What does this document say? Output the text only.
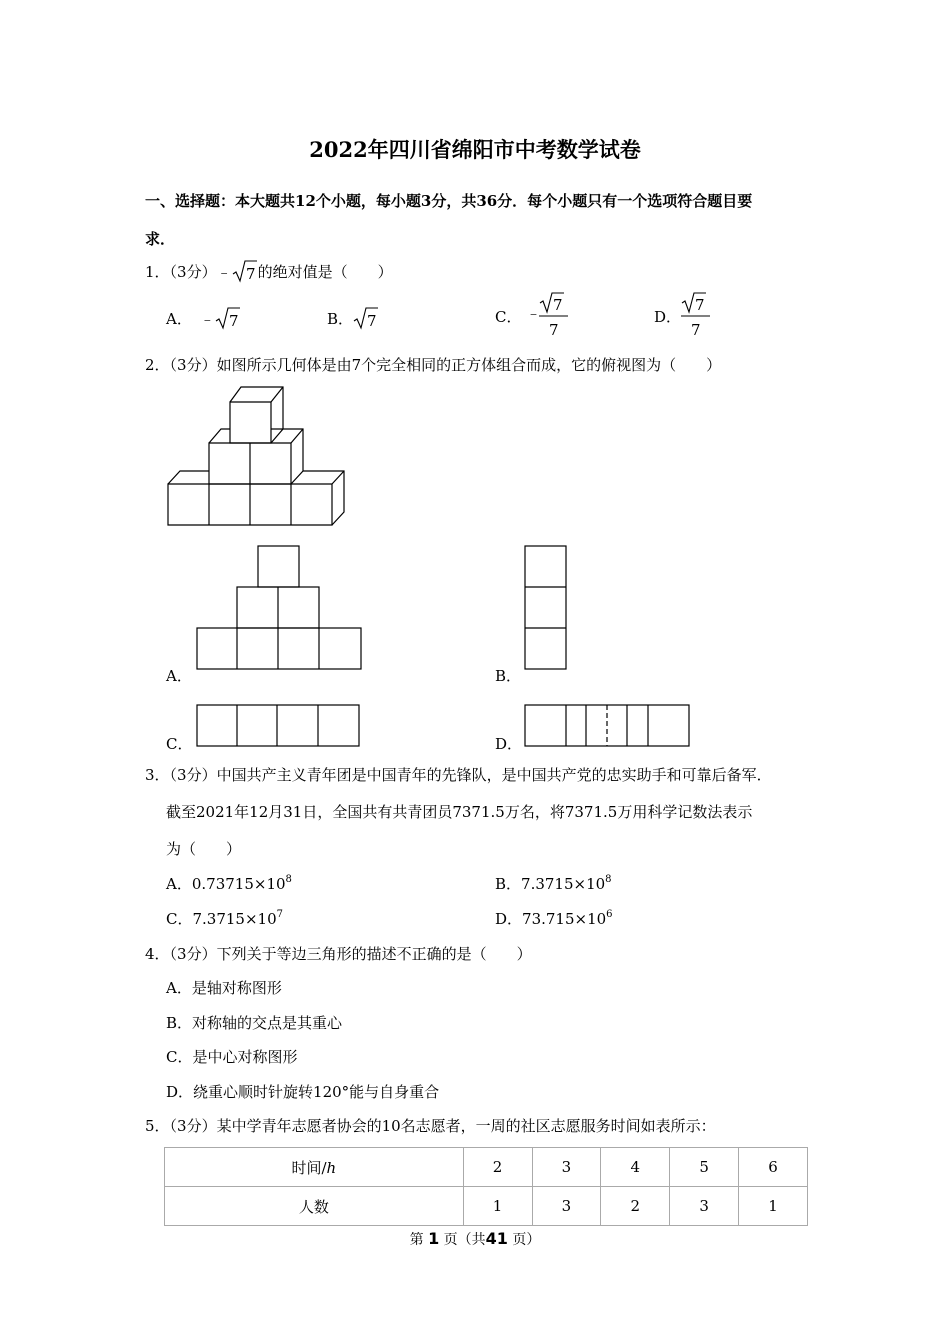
2022年四川省绵阳市中考数学试卷
一、选择题：本大题共12个小题，每小题3分，共36分．每个小题只有一个选项符合题目要
求．
1．（3分）﹣ 7 的绝对值是（　　）
A． ﹣ 7	B． 7	C． ﹣ 7
7
D．
7
7
2．（3分）如图所示几何体是由7个完全相同的正方体组合而成，它的俯视图为（　　）
A．	B．
C．	D．
3．（3分）中国共产主义青年团是中国青年的先锋队，是中国共产党的忠实助手和可靠后备军．
截至2021年12月31日，全国共有共青团员7371.5万名，将7371.5万用科学记数法表示
为（　　）
A．$0.73715\times 10^8$	B．$7.3715\times 10^8$
C．$7.3715\times 10^7$	D．$73.715\times 10^6$
4．（3分）下列关于等边三角形的描述不正确的是（　　）
A．是轴对称图形
B．对称轴的交点是其重心
C．是中心对称图形
D．绕重心顺时针旋转120°能与自身重合
5．（3分）某中学青年志愿者协会的10名志愿者，一周的社区志愿服务时间如表所示：
时间/h	2	3	4	5	6
人数	1	3	2	3	1
第 1 页（共41 页）
